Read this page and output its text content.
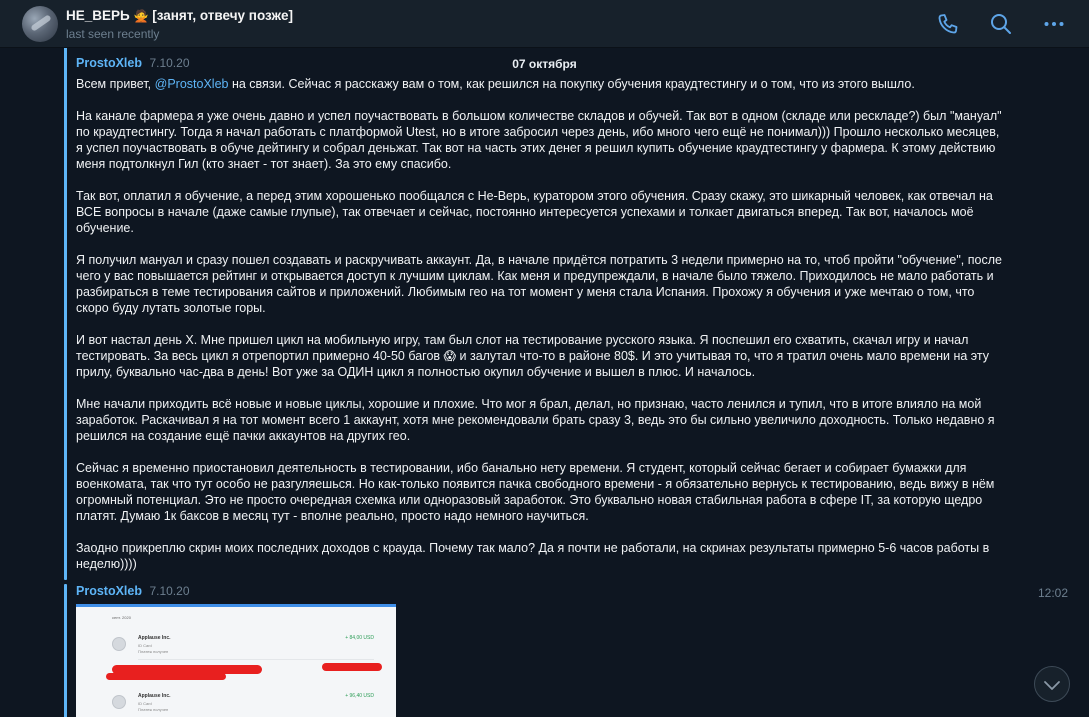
НЕ_ВЕРЬ 🙅 [занят, отвечу позже]
last seen recently
07 октября
ProstoXleb 7.10.20

Всем привет, @ProstoXleb на связи. Сейчас я расскажу вам о том, как решился на покупку обучения краудтестингу и о том, что из этого вышло.

На канале фармера я уже очень давно и успел поучаствовать в большом количестве складов и обучей. Так вот в одном (складе или рескладе?) был "мануал" по краудтестингу. Тогда я начал работать с платформой Utest, но в итоге забросил через день, ибо много чего ещё не понимал))) Прошло несколько месяцев, я успел поучаствовать в обуче дейтингу и собрал деньжат. Так вот на часть этих денег я решил купить обучение краудтестингу у фармера. К этому действию меня подтолкнул Гил (кто знает - тот знает). За это ему спасибо.

Так вот, оплатил я обучение, а перед этим хорошенько пообщался с Не-Верь, куратором этого обучения. Сразу скажу, это шикарный человек, как отвечал на ВСЕ вопросы в начале (даже самые глупые), так отвечает и сейчас, постоянно интересуется успехами и толкает двигаться вперед. Так вот, началось моё обучение.

Я получил мануал и сразу пошел создавать и раскручивать аккаунт. Да, в начале придётся потратить 3 недели примерно на то, чтоб пройти "обучение", после чего у вас повышается рейтинг и открывается доступ к лучшим циклам. Как меня и предупреждали, в начале было тяжело. Приходилось не мало работать и разбираться в теме тестирования сайтов и приложений. Любимым гео на тот момент у меня стала Испания. Прохожу я обучения и уже мечтаю о том, что скоро буду лутать золотые горы.

И вот настал день Х. Мне пришел цикл на мобильную игру, там был слот на тестирование русского языка. Я поспешил его схватить, скачал игру и начал тестировать. За весь цикл я отрепортил примерно 40-50 багов 😱 и залутал что-то в районе 80$. И это учитывая то, что я тратил очень мало времени на эту прилу, буквально час-два в день! Вот уже за ОДИН цикл я полностью окупил обучение и вышел в плюс. И началось.

Мне начали приходить всё новые и новые циклы, хорошие и плохие. Что мог я брал, делал, но признаю, часто ленился и тупил, что в итоге влияло на мой заработок. Раскачивал я на тот момент всего 1 аккаунт, хотя мне рекомендовали брать сразу 3, ведь это бы сильно увеличило доходность. Только недавно я решился на создание ещё пачки аккаунтов на других гео.

Сейчас я временно приостановил деятельность в тестировании, ибо банально нету времени. Я студент, который сейчас бегает и собирает бумажки для военкомата, так что тут особо не разгуляешься. Но как-только появится пачка свободного времени - я обязательно вернусь к тестированию, ведь вижу в нём огромный потенциал. Это не просто очередная схемка или одноразовый заработок. Это буквально новая стабильная работа в сфере IT, за которую щедро платят. Думаю 1к баксов в месяц тут - вполне реально, просто надо немного научиться.

Заодно прикреплю скрин моих последних доходов с крауда. Почему так мало? Да я почти не работали, на скринах результаты примерно 5-6 часов работы в неделю))))

ProstoXleb 7.10.20	12:02
сент. 2020
Applause Inc.
ID Card
Платеж получен
+ 84,00 USD
Applause Inc.
ID Card
Платеж получен
+ 96,40 USD
